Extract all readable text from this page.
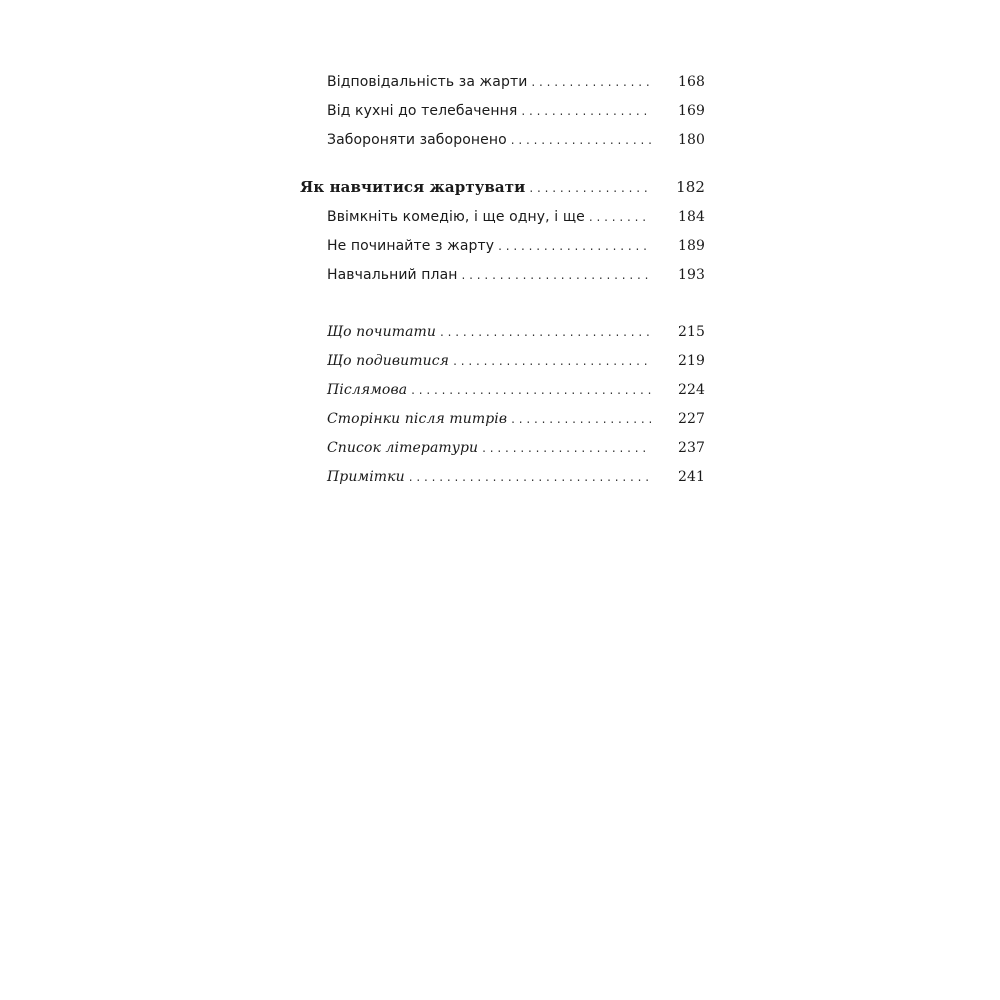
Відповідальність за жарти . . .	168
Від кухні до телебачення . . .	169
Забороняти заборонено . . .	180
Як навчитися жартувати . . .	182
Ввімкніть комедію, і ще одну, і ще . . .	184
Не починайте з жарту . . .	189
Навчальний план . . .	193
Що почитати . . .	215
Що подивитися . . .	219
Післямова . . .	224
Сторінки після титрів . . .	227
Список літератури . . .	237
Примітки . . .	241
